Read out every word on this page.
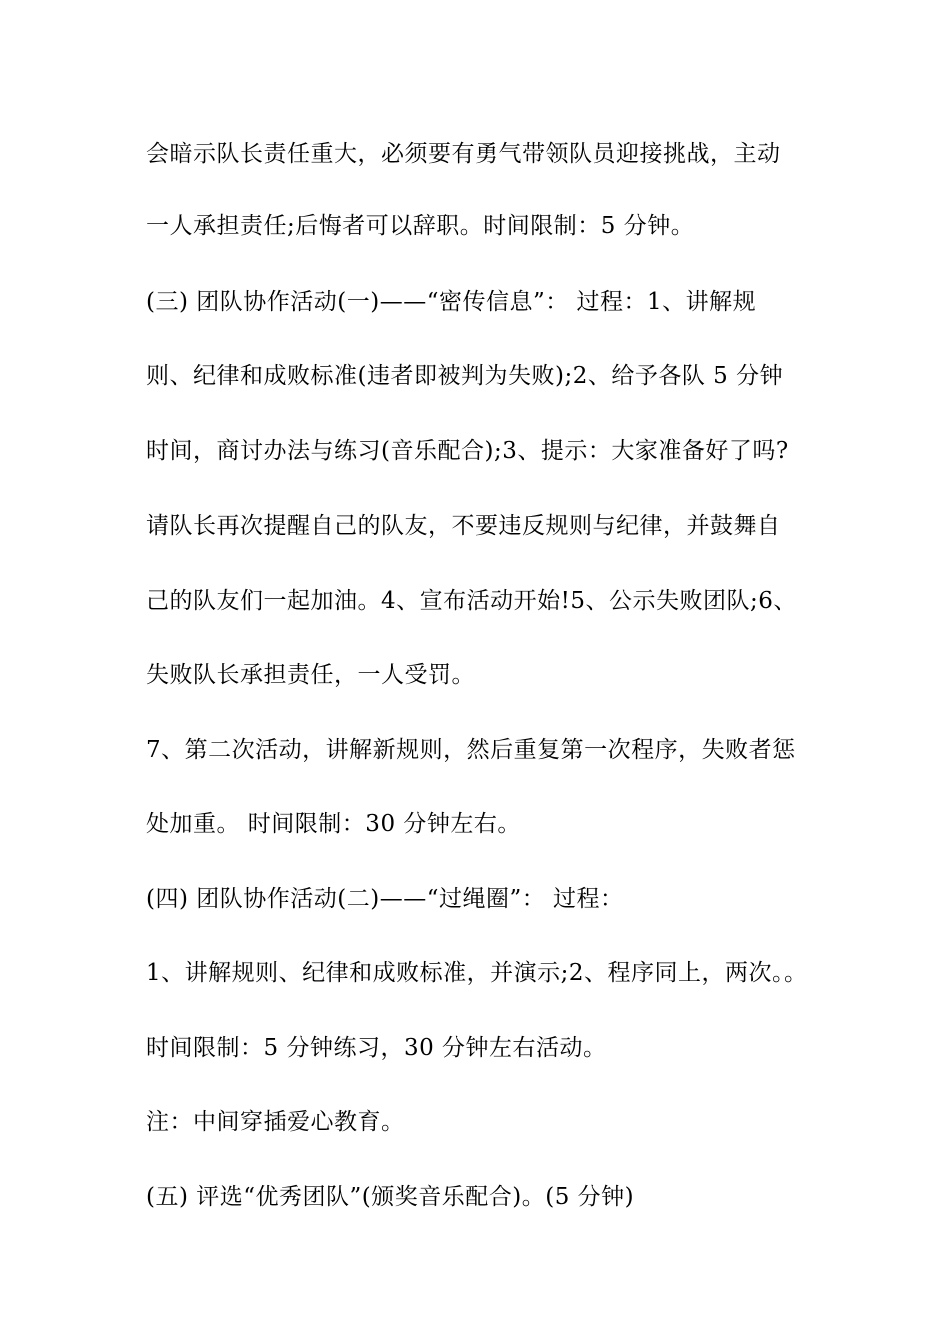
会暗示队长责任重大，必须要有勇气带领队员迎接挑战，主动
一人承担责任;后悔者可以辞职。时间限制：5 分钟。
(三) 团队协作活动(一)——“密传信息”： 过程：1、讲解规
则、纪律和成败标准(违者即被判为失败);2、给予各队 5 分钟
时间，商讨办法与练习(音乐配合);3、提示：大家准备好了吗?
请队长再次提醒自己的队友，不要违反规则与纪律，并鼓舞自
己的队友们一起加油。4、宣布活动开始!5、公示失败团队;6、
失败队长承担责任，一人受罚。
7、第二次活动，讲解新规则，然后重复第一次程序，失败者惩
处加重。 时间限制：30 分钟左右。
(四) 团队协作活动(二)——“过绳圈”： 过程：
1、讲解规则、纪律和成败标准，并演示;2、程序同上，两次。。
时间限制：5 分钟练习，30 分钟左右活动。
注：中间穿插爱心教育。
(五) 评选“优秀团队”(颁奖音乐配合)。(5 分钟)
